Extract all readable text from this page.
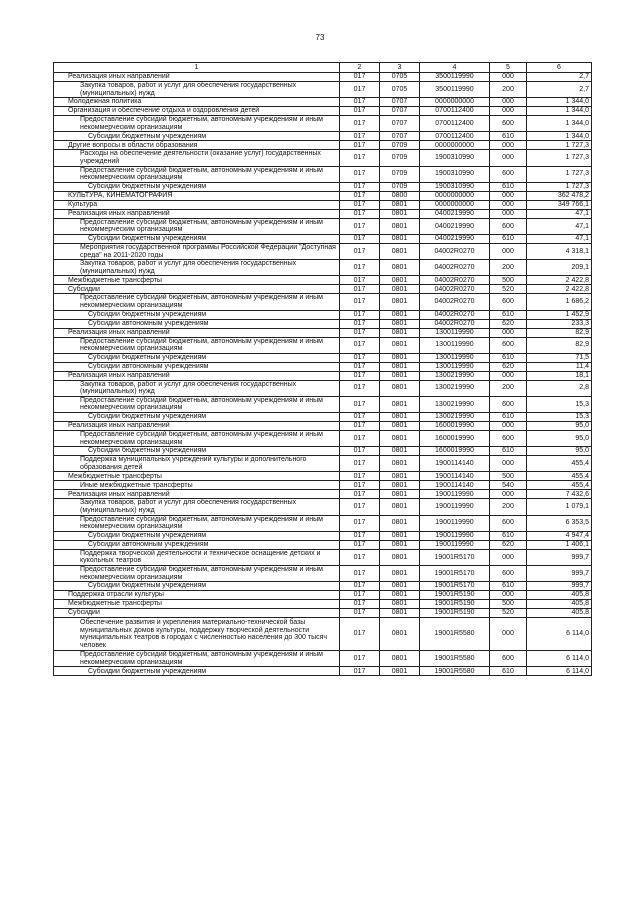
73
1	2	3	4	5	6
Реализация иных направлений	017	0705	3500119990	000	2,7
Закупка товаров, работ и услуг для обеспечения государственных (муниципальных) нужд	017	0705	3500119990	200	2,7
Молодежная политика	017	0707	0000000000	000	1 344,0
Организация и обеспечение отдыха и оздоровления детей	017	0707	0700112400	000	1 344,0
Предоставление субсидий бюджетным, автономным учреждениям и иным некоммерческим организациям	017	0707	0700112400	600	1 344,0
Субсидии бюджетным учреждениям	017	0707	0700112400	610	1 344,0
Другие вопросы в области образования	017	0709	0000000000	000	1 727,3
Расходы на обеспечение деятельности (оказание услуг) государственных учреждений	017	0709	1900310990	000	1 727,3
Предоставление субсидий бюджетным, автономным учреждениям и иным некоммерческим организациям	017	0709	1900310990	600	1 727,3
Субсидии бюджетным учреждениям	017	0709	1900310990	610	1 727,3
КУЛЬТУРА, КИНЕМАТОГРАФИЯ	017	0800	0000000000	000	362 478,2
Культура	017	0801	0000000000	000	349 766,1
Реализация иных направлений	017	0801	0400219990	000	47,1
Предоставление субсидий бюджетным, автономным учреждениям и иным некоммерческим организациям	017	0801	0400219990	600	47,1
Субсидии бюджетным учреждениям	017	0801	0400219990	610	47,1
Мероприятия государственной программы Российской Федерации "Доступная среда" на 2011-2020 годы	017	0801	04002R0270	000	4 318,1
Закупка товаров, работ и услуг для обеспечения государственных (муниципальных) нужд	017	0801	04002R0270	200	209,1
Межбюджетные трансферты	017	0801	04002R0270	500	2 422,8
Субсидии	017	0801	04002R0270	520	2 422,8
Предоставление субсидий бюджетным, автономным учреждениям и иным некоммерческим организациям	017	0801	04002R0270	600	1 686,2
Субсидии бюджетным учреждениям	017	0801	04002R0270	610	1 452,9
Субсидии автономным учреждениям	017	0801	04002R0270	620	233,3
Реализация иных направлений	017	0801	1300119990	000	82,9
Предоставление субсидий бюджетным, автономным учреждениям и иным некоммерческим организациям	017	0801	1300119990	600	82,9
Субсидии бюджетным учреждениям	017	0801	1300119990	610	71,5
Субсидии автономным учреждениям	017	0801	1300119990	620	11,4
Реализация иных направлений	017	0801	1300219990	000	18,1
Закупка товаров, работ и услуг для обеспечения государственных (муниципальных) нужд	017	0801	1300219990	200	2,8
Предоставление субсидий бюджетным, автономным учреждениям и иным некоммерческим организациям	017	0801	1300219990	600	15,3
Субсидии бюджетным учреждениям	017	0801	1300219990	610	15,3
Реализация иных направлений	017	0801	1600019990	000	95,0
Предоставление субсидий бюджетным, автономным учреждениям и иным некоммерческим организациям	017	0801	1600019990	600	95,0
Субсидии бюджетным учреждениям	017	0801	1600019990	610	95,0
Поддержка муниципальных учреждений культуры и дополнительного образования детей	017	0801	1900114140	000	455,4
Межбюджетные трансферты	017	0801	1900114140	500	455,4
Иные межбюджетные трансферты	017	0801	1900114140	540	455,4
Реализация иных направлений	017	0801	1900119990	000	7 432,6
Закупка товаров, работ и услуг для обеспечения государственных (муниципальных) нужд	017	0801	1900119990	200	1 079,1
Предоставление субсидий бюджетным, автономным учреждениям и иным некоммерческим организациям	017	0801	1900119990	600	6 353,5
Субсидии бюджетным учреждениям	017	0801	1900119990	610	4 947,4
Субсидии автономным учреждениям	017	0801	1900119990	620	1 406,1
Поддержка творческой деятельности и техническое оснащение детских и кукольных театров	017	0801	19001R5170	000	999,7
Предоставление субсидий бюджетным, автономным учреждениям и иным некоммерческим организациям	017	0801	19001R5170	600	999,7
Субсидии бюджетным учреждениям	017	0801	19001R5170	610	999,7
Поддержка отрасли культуры	017	0801	19001R5190	000	405,8
Межбюджетные трансферты	017	0801	19001R5190	500	405,8
Субсидии	017	0801	19001R5190	520	405,8
Обеспечение развития и укрепления материально-технической базы муниципальных домов культуры, поддержку творческой деятельности муниципальных театров в городах с численностью населения до 300 тысяч человек	017	0801	19001R5580	000	6 114,0
Предоставление субсидий бюджетным, автономным учреждениям и иным некоммерческим организациям	017	0801	19001R5580	600	6 114,0
Субсидии бюджетным учреждениям	017	0801	19001R5580	610	6 114,0
